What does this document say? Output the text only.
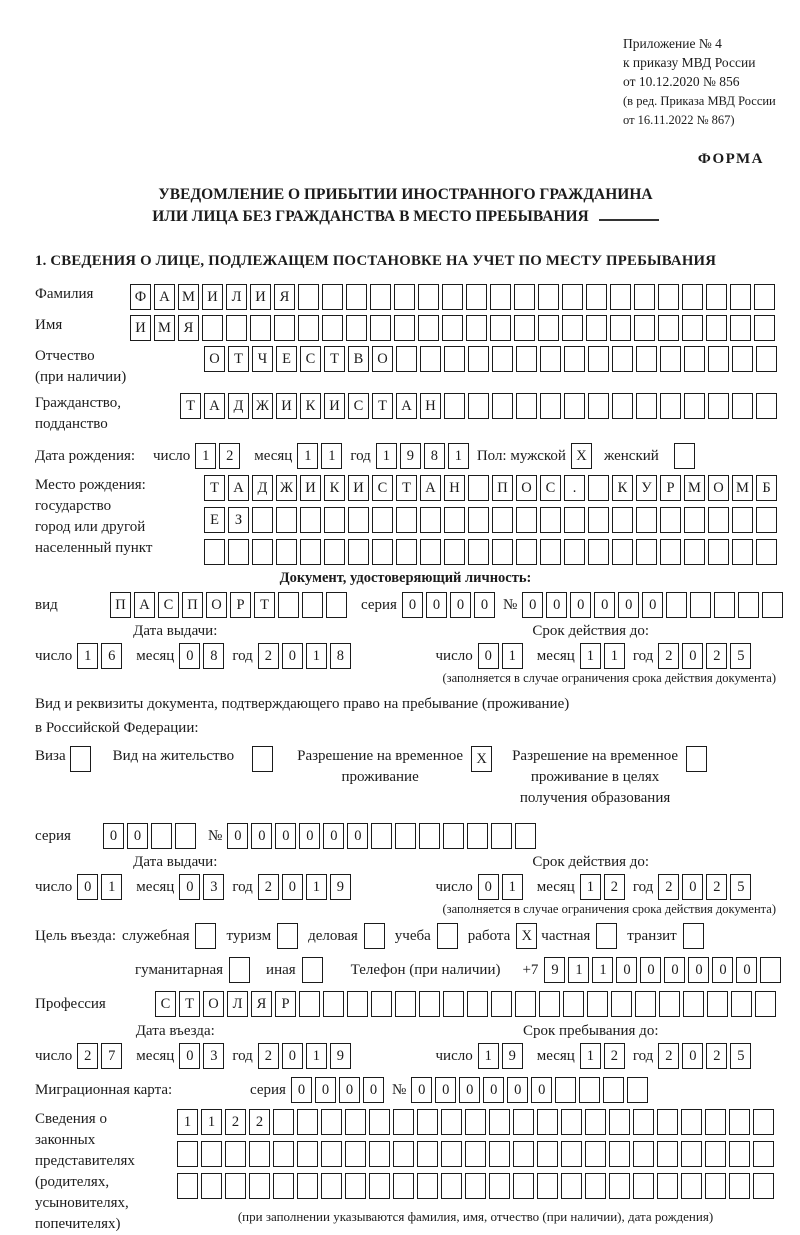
Приложение № 4
к приказу МВД России
от 10.12.2020 № 856
(в ред. Приказа МВД России
от 16.11.2022 № 867)
ФОРМА
УВЕДОМЛЕНИЕ О ПРИБЫТИИ ИНОСТРАННОГО ГРАЖДАНИНА
ИЛИ ЛИЦА БЕЗ ГРАЖДАНСТВА В МЕСТО ПРЕБЫВАНИЯ
1. СВЕДЕНИЯ О ЛИЦЕ, ПОДЛЕЖАЩЕМ ПОСТАНОВКЕ НА УЧЕТ ПО МЕСТУ ПРЕБЫВАНИЯ
Фамилия	Ф А М И Л И Я
Имя	И М Я
Отчество
(при наличии)
О Т	Ч	Е	С	Т	В О
Гражданство,
подданство
Т А Д Ж И К И С	Т А Н
Дата рождения:	число 1	2	месяц 1	1 год 1	9	8	1 Пол: мужской X	женский
Место рождения:
государство
город или другой
населенный пункт
Т А Д Ж И К И С	Т А Н	П О С	.	К У	Р М О М Б
Е	З
Документ, удостоверяющий личность:
вид	П А С П О	Р	Т	серия 0	0	0	0 № 0	0	0	0	0	0
Дата выдачи:
число 1	6	месяц 0	8 год 2	0	1	8
Срок действия до:
число 0	1	месяц 1	1 год 2	0	2	5
(заполняется в случае ограничения срока действия документа)
Вид и реквизиты документа, подтверждающего право на пребывание (проживание)
в Российской Федерации:
Виза	Вид на жительство	Разрешение на временное
проживание
X	Разрешение на временное
проживание в целях
получения образования
серия	0	0	№ 0	0	0	0	0	0
Дата выдачи:
число 0	1	месяц 0	3 год 2	0	1	9
Срок действия до:
число 0	1	месяц 1	2 год 2	0	2	5
(заполняется в случае ограничения срока действия документа)
Цель въезда: служебная туризм деловая учеба работа X частная транзит
гуманитарная	иная	Телефон (при наличии) +7 9	1	1	0	0	0	0	0	0
Профессия	С	Т О Л Я	Р
Дата въезда:
число 2	7	месяц 0	3 год 2	0	1	9
Срок пребывания до:
число 1	9	месяц 1	2 год 2	0	2	5
Миграционная карта:	серия 0	0	0	0 № 0	0	0	0	0	0
Сведения о
законных
представителях
(родителях,
усыновителях,
попечителях)
1	1	2	2
(при заполнении указываются фамилия, имя, отчество (при наличии), дата рождения)
